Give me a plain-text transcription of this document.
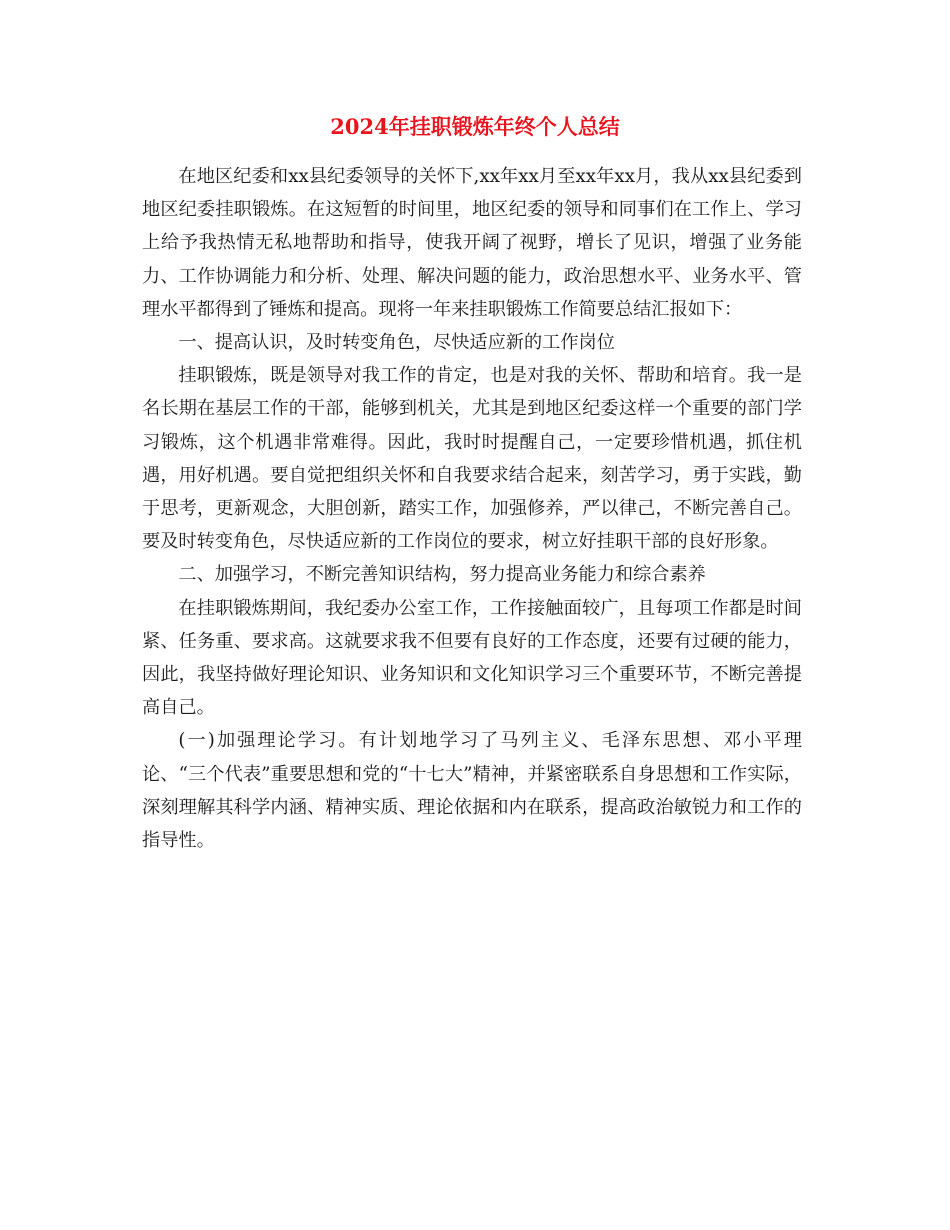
2024年挂职锻炼年终个人总结

在地区纪委和xx县纪委领导的关怀下,xx年xx月至xx年xx月，我从xx县纪委到地区纪委挂职锻炼。在这短暂的时间里，地区纪委的领导和同事们在工作上、学习上给予我热情无私地帮助和指导，使我开阔了视野，增长了见识，增强了业务能力、工作协调能力和分析、处理、解决问题的能力，政治思想水平、业务水平、管理水平都得到了锤炼和提高。现将一年来挂职锻炼工作简要总结汇报如下：

一、提高认识，及时转变角色，尽快适应新的工作岗位

挂职锻炼，既是领导对我工作的肯定，也是对我的关怀、帮助和培育。我一是名长期在基层工作的干部，能够到机关，尤其是到地区纪委这样一个重要的部门学习锻炼，这个机遇非常难得。因此，我时时提醒自己，一定要珍惜机遇，抓住机遇，用好机遇。要自觉把组织关怀和自我要求结合起来，刻苦学习，勇于实践，勤于思考，更新观念，大胆创新，踏实工作，加强修养，严以律己，不断完善自己。要及时转变角色，尽快适应新的工作岗位的要求，树立好挂职干部的良好形象。

二、加强学习，不断完善知识结构，努力提高业务能力和综合素养

在挂职锻炼期间，我纪委办公室工作，工作接触面较广，且每项工作都是时间紧、任务重、要求高。这就要求我不但要有良好的工作态度，还要有过硬的能力，因此，我坚持做好理论知识、业务知识和文化知识学习三个重要环节，不断完善提高自己。

(一)加强理论学习。有计划地学习了马列主义、毛泽东思想、邓小平理论、“三个代表”重要思想和党的“十七大”精神，并紧密联系自身思想和工作实际，深刻理解其科学内涵、精神实质、理论依据和内在联系，提高政治敏锐力和工作的指导性。
